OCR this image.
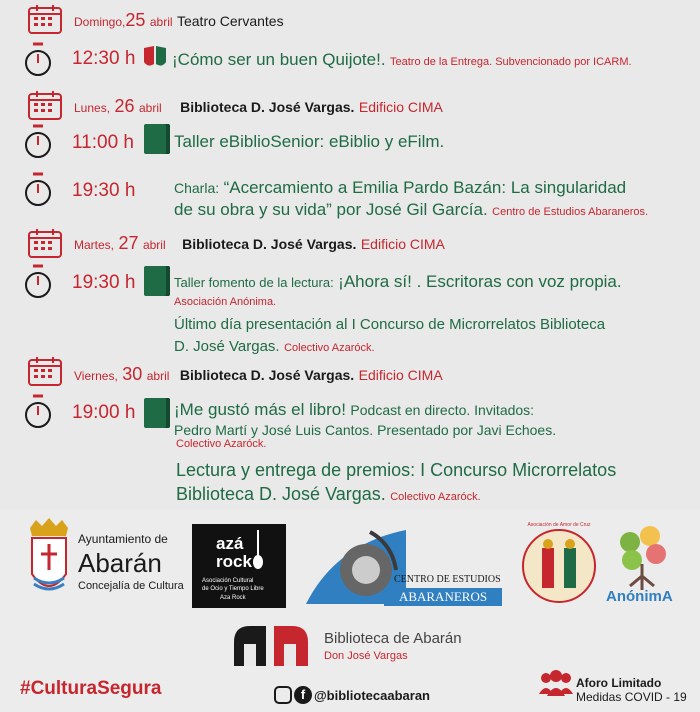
Domingo,25 abril Teatro Cervantes
12:30 h ¡Cómo ser un buen Quijote!. Teatro de la Entrega. Subvencionado por ICARM.
Lunes, 26 abril Biblioteca D. José Vargas. Edificio CIMA
11:00 h Taller eBiblioSenior: eBiblio y eFilm.
19:30 h	Charla: “Acercamiento a Emilia Pardo Bazán: La singularidad
de su obra y su vida” por José Gil García. Centro de Estudios Abaraneros.
Martes, 27 abril Biblioteca D. José Vargas. Edificio CIMA
19:30 h	Taller fomento de la lectura: ¡Ahora sí! . Escritoras con voz propia.
Asociación Anónima.
Último día presentación al I Concurso de Microrrelatos Biblioteca
D. José Vargas. Colectivo Azaróck.
Viernes, 30 abril Biblioteca D. José Vargas. Edificio CIMA
19:00 h ¡Me gustó más el libro! Podcast en directo. Invitados:
Pedro Martí y José Luis Cantos. Presentado por Javi Echoes.
Colectivo Azaróck.
Lectura y entrega de premios: I Concurso Microrrelatos
Biblioteca D. José Vargas. Colectivo Azaróck.
Ayuntamiento de
Abarán
Concejalía de Cultura
azá
rock
Asociación Cultural
de Ocio y Tiempo Libre
Aza Rock
CENTRO DE ESTUDIOS
ABARANEROS
Asociación de Amor de Cruz
AnónimA
Biblioteca de Abarán
Don José Vargas
#CulturaSegura	f @bibliotecaabaran
Aforo Limitado
Medidas COVID - 19
